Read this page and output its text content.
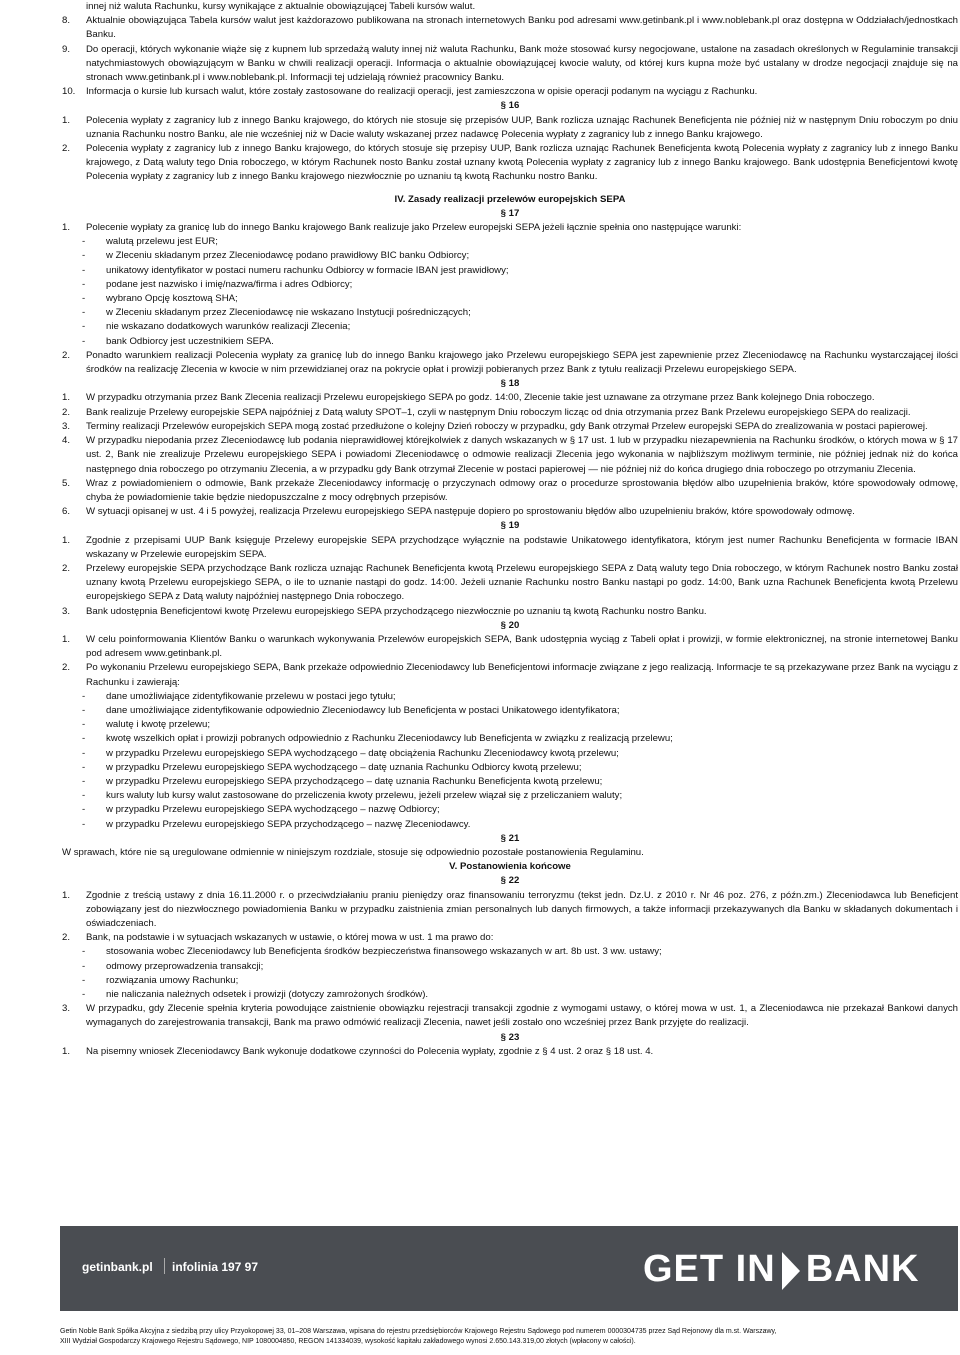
innej niż waluta Rachunku, kursy wynikające z aktualnie obowiązującej Tabeli kursów walut.

8.	Aktualnie obowiązująca Tabela kursów walut jest każdorazowo publikowana na stronach internetowych Banku pod adresami www.getinbank.pl i www.noblebank.pl oraz dostępna w Oddziałach/jednostkach Banku.
9.	Do operacji, których wykonanie wiąże się z kupnem lub sprzedażą waluty innej niż waluta Rachunku, Bank może stosować kursy negocjowane, ustalone na zasadach określonych w Regulaminie transakcji natychmiastowych obowiązującym w Banku w chwili realizacji operacji. Informacja o aktualnie obowiązującej kwocie waluty, od której kurs kupna może być ustalany w drodze negocjacji znajduje się na stronach www.getinbank.pl i www.noblebank.pl. Informacji tej udzielają również pracownicy Banku.
10.	Informacja o kursie lub kursach walut, które zostały zastosowane do realizacji operacji, jest zamieszczona w opisie operacji podanym na wyciągu z Rachunku.
§ 16
1.	Polecenia wypłaty z zagranicy lub z innego Banku krajowego, do których nie stosuje się przepisów UUP, Bank rozlicza uznając Rachunek Beneficjenta nie później niż w następnym Dniu roboczym po dniu uznania Rachunku nostro Banku, ale nie wcześniej niż w Dacie waluty wskazanej przez nadawcę Polecenia wypłaty z zagranicy lub z innego Banku krajowego.
2.	Polecenia wypłaty z zagranicy lub z innego Banku krajowego, do których stosuje się przepisy UUP, Bank rozlicza uznając Rachunek Beneficjenta kwotą Polecenia wypłaty z zagranicy lub z innego Banku krajowego, z Datą waluty tego Dnia roboczego, w którym Rachunek nosto Banku został uznany kwotą Polecenia wypłaty z zagranicy lub z innego Banku krajowego. Bank udostępnia Beneficjentowi kwotę Polecenia wypłaty z zagranicy lub z innego Banku krajowego niezwłocznie po uznaniu tą kwotą Rachunku nostro Banku.
IV. Zasady realizacji przelewów europejskich SEPA
§ 17
1.	Polecenie wypłaty za granicę lub do innego Banku krajowego Bank realizuje jako Przelew europejski SEPA jeżeli łącznie spełnia ono następujące warunki:
-	walutą przelewu jest EUR;
-	w Zleceniu składanym przez Zleceniodawcę podano prawidłowy BIC banku Odbiorcy;
-	unikatowy identyfikator w postaci numeru rachunku Odbiorcy w formacie IBAN jest prawidłowy;
-	podane jest nazwisko i imię/nazwa/firma i adres Odbiorcy;
-	wybrano Opcję kosztową SHA;
-	w Zleceniu składanym przez Zleceniodawcę nie wskazano Instytucji pośredniczących;
-	nie wskazano dodatkowych warunków realizacji Zlecenia;
-	bank Odbiorcy jest uczestnikiem SEPA.
2.	Ponadto warunkiem realizacji Polecenia wypłaty za granicę lub do innego Banku krajowego jako Przelewu europejskiego SEPA jest zapewnienie przez Zleceniodawcę na Rachunku wystarczającej ilości środków na realizację Zlecenia w kwocie w nim przewidzianej oraz na pokrycie opłat i prowizji pobieranych przez Bank z tytułu realizacji Przelewu europejskiego SEPA.
§ 18
1.	W przypadku otrzymania przez Bank Zlecenia realizacji Przelewu europejskiego SEPA po godz. 14:00, Zlecenie takie jest uznawane za otrzymane przez Bank kolejnego Dnia roboczego.
2.	Bank realizuje Przelewy europejskie SEPA najpóźniej z Datą waluty SPOT–1, czyli w następnym Dniu roboczym licząc od dnia otrzymania przez Bank Przelewu europejskiego SEPA do realizacji.
3.	Terminy realizacji Przelewów europejskich SEPA mogą zostać przedłużone o kolejny Dzień roboczy w przypadku, gdy Bank otrzymał Przelew europejski SEPA do zrealizowania w postaci papierowej.
4.	W przypadku niepodania przez Zleceniodawcę lub podania nieprawidłowej którejkolwiek z danych wskazanych w § 17 ust. 1 lub w przypadku niezapewnienia na Rachunku środków, o których mowa w § 17 ust. 2, Bank nie zrealizuje Przelewu europejskiego SEPA i powiadomi Zleceniodawcę o odmowie realizacji Zlecenia jego wykonania w najbliższym możliwym terminie, nie później jednak niż do końca następnego dnia roboczego po otrzymaniu Zlecenia, a w przypadku gdy Bank otrzymał Zlecenie w postaci papierowej — nie później niż do końca drugiego dnia roboczego po otrzymaniu Zlecenia.
5.	Wraz z powiadomieniem o odmowie, Bank przekaże Zleceniodawcy informację o przyczynach odmowy oraz o procedurze sprostowania błędów albo uzupełnienia braków, które spowodowały odmowę, chyba że powiadomienie takie będzie niedopuszczalne z mocy odrębnych przepisów.
6.	W sytuacji opisanej w ust. 4 i 5 powyżej, realizacja Przelewu europejskiego SEPA następuje dopiero po sprostowaniu błędów albo uzupełnieniu braków, które spowodowały odmowę.
§ 19
1.	Zgodnie z przepisami UUP Bank księguje Przelewy europejskie SEPA przychodzące wyłącznie na podstawie Unikatowego identyfikatora, którym jest numer Rachunku Beneficjenta w formacie IBAN wskazany w Przelewie europejskim SEPA.
2.	Przelewy europejskie SEPA przychodzące Bank rozlicza uznając Rachunek Beneficjenta kwotą Przelewu europejskiego SEPA z Datą waluty tego Dnia roboczego, w którym Rachunek nostro Banku został uznany kwotą Przelewu europejskiego SEPA, o ile to uznanie nastąpi do godz. 14:00. Jeżeli uznanie Rachunku nostro Banku nastąpi po godz. 14:00, Bank uzna Rachunek Beneficjenta kwotą Przelewu europejskiego SEPA z Datą waluty najpóźniej następnego Dnia roboczego.
3.	Bank udostępnia Beneficjentowi kwotę Przelewu europejskiego SEPA przychodzącego niezwłocznie po uznaniu tą kwotą Rachunku nostro Banku.
§ 20
1.	W celu poinformowania Klientów Banku o warunkach wykonywania Przelewów europejskich SEPA, Bank udostępnia wyciąg z Tabeli opłat i prowizji, w formie elektronicznej, na stronie internetowej Banku pod adresem www.getinbank.pl.
2.	Po wykonaniu Przelewu europejskiego SEPA, Bank przekaże odpowiednio Zleceniodawcy lub Beneficjentowi informacje związane z jego realizacją. Informacje te są przekazywane przez Bank na wyciągu z Rachunku i zawierają:
-	dane umożliwiające zidentyfikowanie przelewu w postaci jego tytułu;
-	dane umożliwiające zidentyfikowanie odpowiednio Zleceniodawcy lub Beneficjenta w postaci Unikatowego identyfikatora;
-	walutę i kwotę przelewu;
-	kwotę wszelkich opłat i prowizji pobranych odpowiednio z Rachunku Zleceniodawcy lub Beneficjenta w związku z realizacją przelewu;
-	w przypadku Przelewu europejskiego SEPA wychodzącego – datę obciążenia Rachunku Zleceniodawcy kwotą przelewu;
-	w przypadku Przelewu europejskiego SEPA wychodzącego – datę uznania Rachunku Odbiorcy kwotą przelewu;
-	w przypadku Przelewu europejskiego SEPA przychodzącego – datę uznania Rachunku Beneficjenta kwotą przelewu;
-	kurs waluty lub kursy walut zastosowane do przeliczenia kwoty przelewu, jeżeli przelew wiązał się z przeliczaniem waluty;
-	w przypadku Przelewu europejskiego SEPA wychodzącego – nazwę Odbiorcy;
-	w przypadku Przelewu europejskiego SEPA przychodzącego – nazwę Zleceniodawcy.
§ 21

W sprawach, które nie są uregulowane odmiennie w niniejszym rozdziale, stosuje się odpowiednio pozostałe postanowienia Regulaminu.

V. Postanowienia końcowe
§ 22
1.	Zgodnie z treścią ustawy z dnia 16.11.2000 r. o przeciwdziałaniu praniu pieniędzy oraz finansowaniu terroryzmu (tekst jedn. Dz.U. z 2010 r. Nr 46 poz. 276, z późn.zm.) Zleceniodawca lub Beneficjent zobowiązany jest do niezwłocznego powiadomienia Banku w przypadku zaistnienia zmian personalnych lub danych firmowych, a także informacji przekazywanych dla Banku w składanych dokumentach i oświadczeniach.
2.	Bank, na podstawie i w sytuacjach wskazanych w ustawie, o której mowa w ust. 1 ma prawo do:
-	stosowania wobec Zleceniodawcy lub Beneficjenta środków bezpieczeństwa finansowego wskazanych w art. 8b ust. 3 ww. ustawy;
-	odmowy przeprowadzenia transakcji;
-	rozwiązania umowy Rachunku;
-	nie naliczania należnych odsetek i prowizji (dotyczy zamrożonych środków).
3.	W przypadku, gdy Zlecenie spełnia kryteria powodujące zaistnienie obowiązku rejestracji transakcji zgodnie z wymogami ustawy, o której mowa w ust. 1, a Zleceniodawca nie przekazał Bankowi danych wymaganych do zarejestrowania transakcji, Bank ma prawo odmówić realizacji Zlecenia, nawet jeśli zostało ono wcześniej przez Bank przyjęte do realizacji.
§ 23
1.	Na pisemny wniosek Zleceniodawcy Bank wykonuje dodatkowe czynności do Polecenia wypłaty, zgodnie z § 4 ust. 2 oraz § 18 ust. 4.
getinbank.pl infolinia 197 97	GET IN BANK
Getin Noble Bank Spółka Akcyjna z siedzibą przy ulicy Przyokopowej 33, 01–208 Warszawa, wpisana do rejestru przedsiębiorców Krajowego Rejestru Sądowego pod numerem 0000304735 przez Sąd Rejonowy dla m.st. Warszawy,
XIII Wydział Gospodarczy Krajowego Rejestru Sądowego, NIP 1080004850, REGON 141334039, wysokość kapitału zakładowego wynosi 2.650.143.319,00 złotych (wpłacony w całości).
